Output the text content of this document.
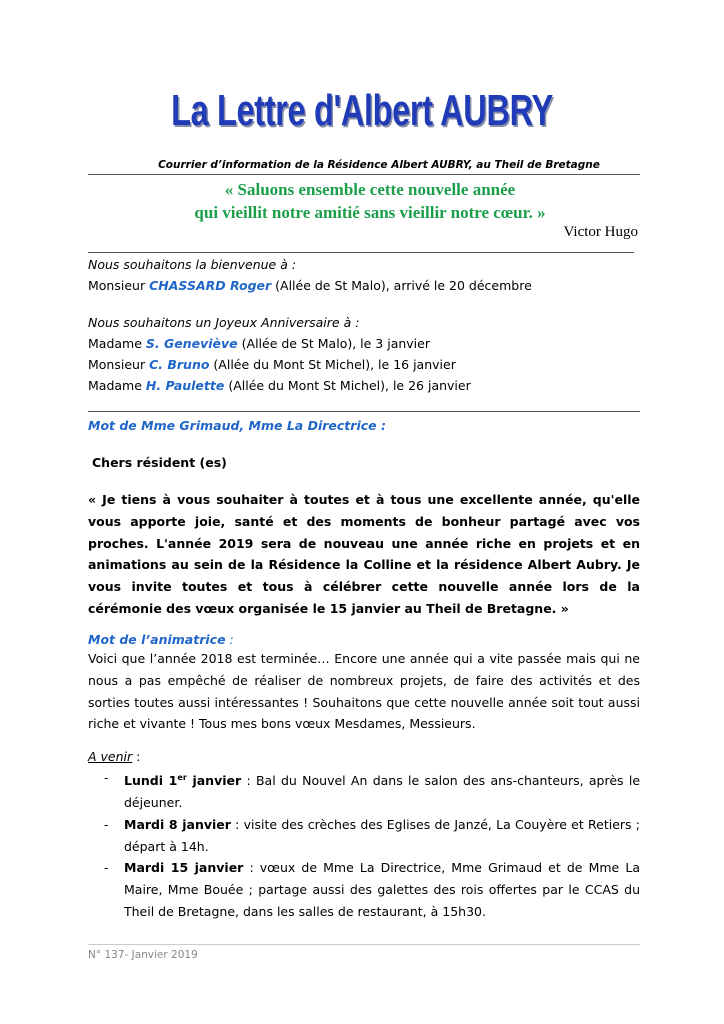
La Lettre d'Albert AUBRY
Courrier d’information de la Résidence Albert AUBRY, au Theil de Bretagne
« Saluons ensemble cette nouvelle année
qui vieillit notre amitié sans vieillir notre cœur. »
Victor Hugo
Nous souhaitons la bienvenue à :
Monsieur CHASSARD Roger (Allée de St Malo), arrivé le 20 décembre
Nous souhaitons un Joyeux Anniversaire à :
Madame S. Geneviève (Allée de St Malo), le 3 janvier
Monsieur C. Bruno (Allée du Mont St Michel), le 16 janvier
Madame H. Paulette (Allée du Mont St Michel), le 26 janvier
Mot de Mme Grimaud, Mme La Directrice :
Chers résident (es)
« Je tiens à vous souhaiter à toutes et à tous une excellente année, qu'elle vous apporte joie, santé et des moments de bonheur partagé avec vos proches. L'année 2019 sera de nouveau une année riche en projets et en animations au sein de la Résidence la Colline et la résidence Albert Aubry. Je vous invite toutes et tous à célébrer cette nouvelle année lors de la cérémonie des vœux organisée le 15 janvier au Theil de Bretagne. »
Mot de l’animatrice :
Voici que l’année 2018 est terminée… Encore une année qui a vite passée mais qui ne nous a pas empêché de réaliser de nombreux projets, de faire des activités et des sorties toutes aussi intéressantes ! Souhaitons que cette nouvelle année soit tout aussi riche et vivante ! Tous mes bons vœux Mesdames, Messieurs.
A venir :
- Lundi 1er janvier : Bal du Nouvel An dans le salon des ans-chanteurs, après le déjeuner.
- Mardi 8 janvier : visite des crèches des Eglises de Janzé, La Couyère et Retiers ; départ à 14h.
- Mardi 15 janvier : vœux de Mme La Directrice, Mme Grimaud et de Mme La Maire, Mme Bouée ; partage aussi des galettes des rois offertes par le CCAS du Theil de Bretagne, dans les salles de restaurant, à 15h30.
N° 137- Janvier 2019
